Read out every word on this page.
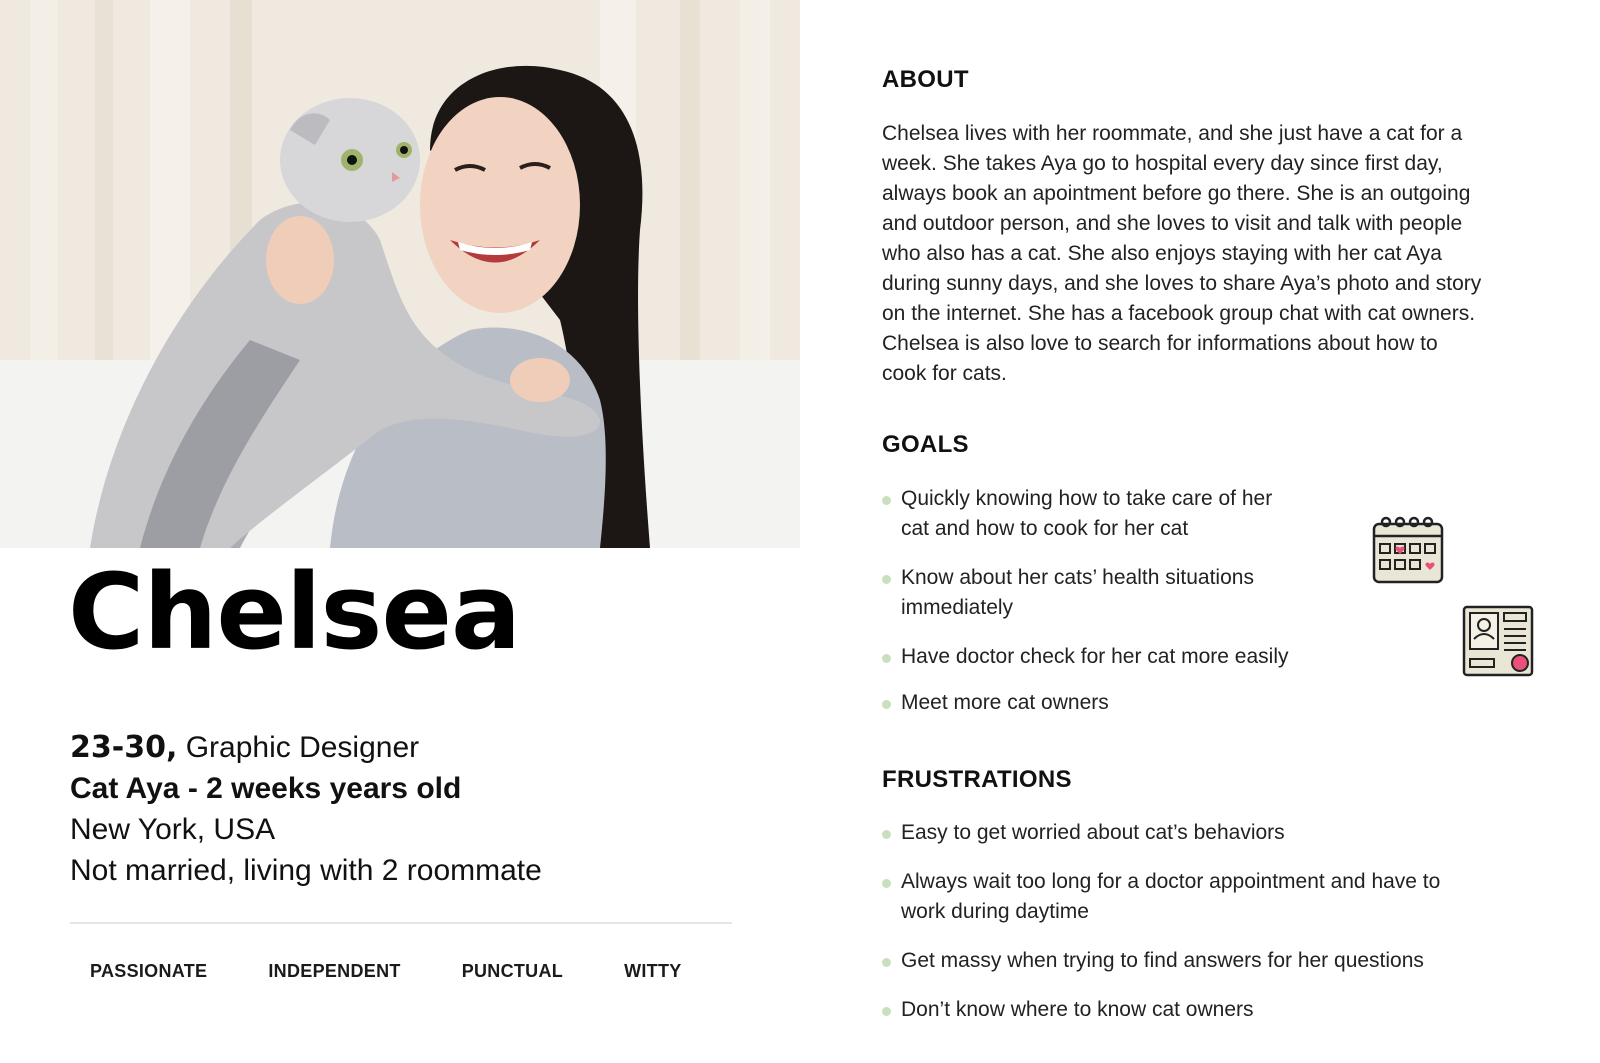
Chelsea
23-30, Graphic Designer
Cat Aya - 2 weeks years old
New York, USA
Not married, living with 2 roommate
PASSIONATE	INDEPENDENT	PUNCTUAL	WITTY
ABOUT
Chelsea lives with her roommate, and she just have a cat for a
week. She takes Aya go to hospital every day since first day,
always book an apointment before go there. She is an outgoing
and outdoor person, and she loves to visit and talk with people
who also has a cat. She also enjoys staying with her cat Aya
during sunny days, and she loves to share Aya’s photo and story
on the internet. She has a facebook group chat with cat owners.
Chelsea is also love to search for informations about how to
cook for cats.
GOALS
Quickly knowing how to take care of her
cat and how to cook for her cat
Know about her cats’ health situations
immediately
Have doctor check for her cat more easily
Meet more cat owners
FRUSTRATIONS
Easy to get worried about cat’s behaviors
Always wait too long for a doctor appointment and have to
work during daytime
Get massy when trying to find answers for her questions
Don’t know where to know cat owners
